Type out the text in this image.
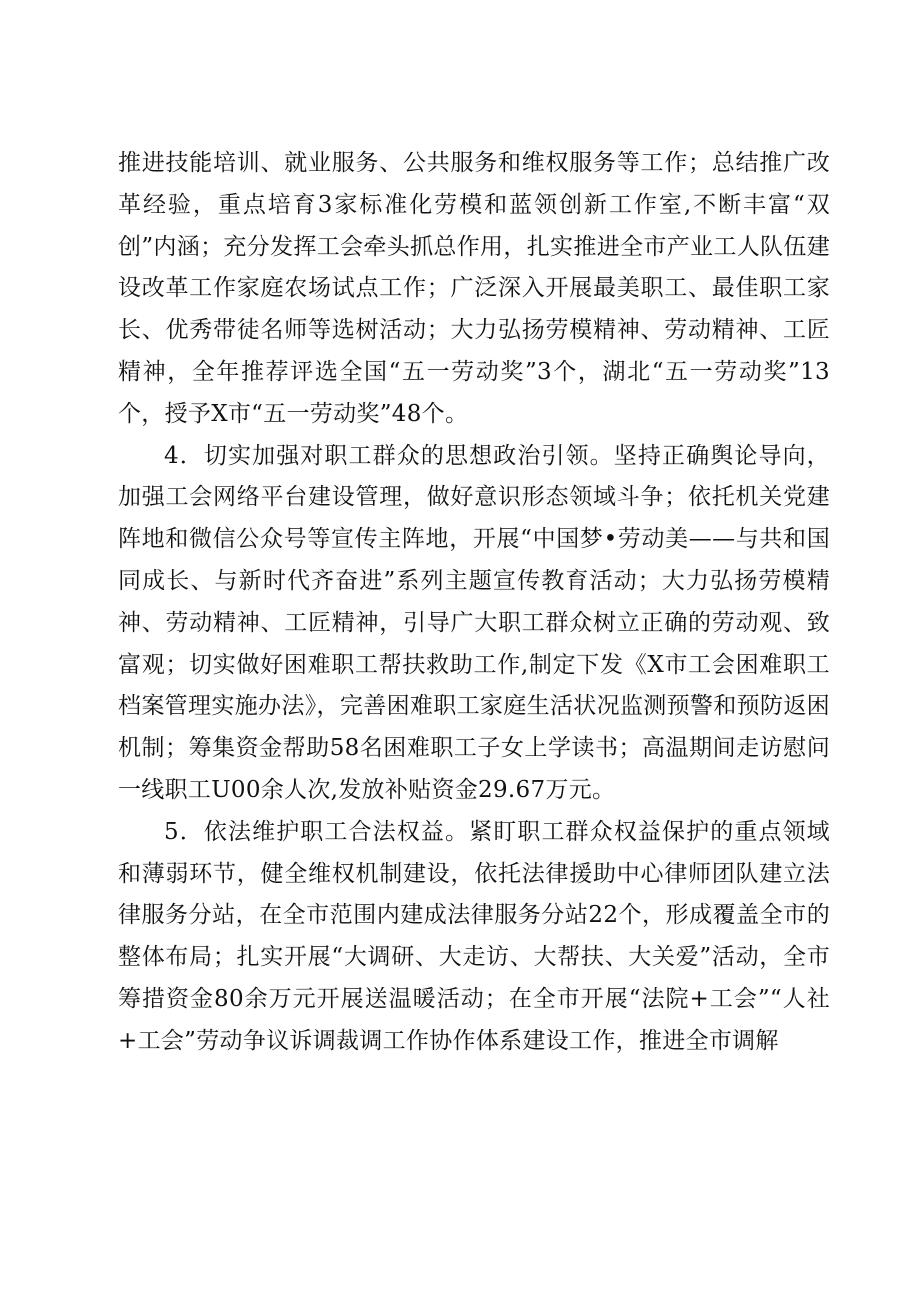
推进技能培训、就业服务、公共服务和维权服务等工作；总结推广改革经验，重点培育3家标准化劳模和蓝领创新工作室,不断丰富“双创”内涵；充分发挥工会牵头抓总作用，扎实推进全市产业工人队伍建设改革工作家庭农场试点工作；广泛深入开展最美职工、最佳职工家长、优秀带徒名师等选树活动；大力弘扬劳模精神、劳动精神、工匠精神，全年推荐评选全国“五一劳动奖”3个，湖北“五一劳动奖”13个，授予X市“五一劳动奖”48个。

4．切实加强对职工群众的思想政治引领。坚持正确舆论导向，加强工会网络平台建设管理，做好意识形态领域斗争；依托机关党建阵地和微信公众号等宣传主阵地，开展“中国梦•劳动美——与共和国同成长、与新时代齐奋进”系列主题宣传教育活动；大力弘扬劳模精神、劳动精神、工匠精神，引导广大职工群众树立正确的劳动观、致富观；切实做好困难职工帮扶救助工作,制定下发《X市工会困难职工档案管理实施办法》，完善困难职工家庭生活状况监测预警和预防返困机制；筹集资金帮助58名困难职工子女上学读书；高温期间走访慰问一线职工U00余人次,发放补贴资金29.67万元。

5．依法维护职工合法权益。紧盯职工群众权益保护的重点领域和薄弱环节，健全维权机制建设，依托法律援助中心律师团队建立法律服务分站，在全市范围内建成法律服务分站22个，形成覆盖全市的整体布局；扎实开展“大调研、大走访、大帮扶、大关爱”活动，全市筹措资金80余万元开展送温暖活动；在全市开展“法院+工会”“人社+工会”劳动争议诉调裁调工作协作体系建设工作，推进全市调解
